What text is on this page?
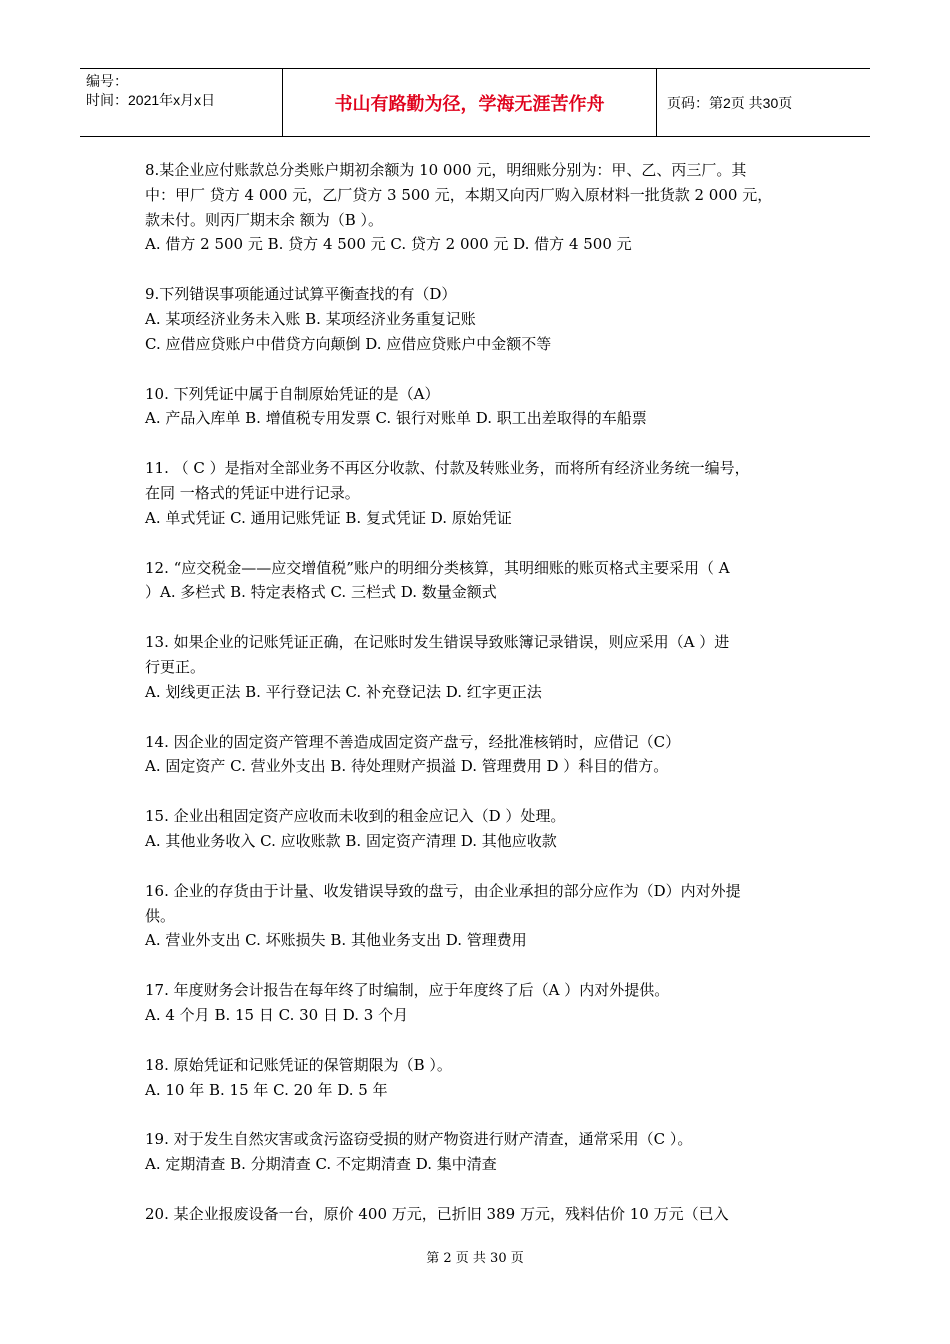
编号：
时间：2021年x月x日	书山有路勤为径，学海无涯苦作舟	页码：第2页 共30页
8.某企业应付账款总分类账户期初余额为 10 000 元，明细账分别为：甲、乙、丙三厂。其
中：甲厂 贷方 4 000 元，乙厂贷方 3 500 元，本期又向丙厂购入原材料一批货款 2 000 元，
款未付。则丙厂期末余 额为（B ）。
A. 借方 2 500 元 B. 贷方 4 500 元 C. 贷方 2 000 元 D. 借方 4 500 元
9.下列错误事项能通过试算平衡查找的有（D）
A. 某项经济业务未入账 B. 某项经济业务重复记账
C. 应借应贷账户中借贷方向颠倒 D. 应借应贷账户中金额不等
10. 下列凭证中属于自制原始凭证的是（A）
A. 产品入库单 B. 增值税专用发票 C. 银行对账单 D. 职工出差取得的车船票
11. （ C ）是指对全部业务不再区分收款、付款及转账业务，而将所有经济业务统一编号，
在同 一格式的凭证中进行记录。
A. 单式凭证 C. 通用记账凭证 B. 复式凭证 D. 原始凭证
12. “应交税金——应交增值税”账户的明细分类核算，其明细账的账页格式主要采用（ A
）A. 多栏式 B. 特定表格式 C. 三栏式 D. 数量金额式
13. 如果企业的记账凭证正确，在记账时发生错误导致账簿记录错误，则应采用（A ）进
行更正。
A. 划线更正法 B. 平行登记法 C. 补充登记法 D. 红字更正法
14. 因企业的固定资产管理不善造成固定资产盘亏，经批准核销时，应借记（C）
A. 固定资产 C. 营业外支出 B. 待处理财产损溢 D. 管理费用 D ）科目的借方。
15. 企业出租固定资产应收而未收到的租金应记入（D ）处理。
A. 其他业务收入 C. 应收账款 B. 固定资产清理 D. 其他应收款
16. 企业的存货由于计量、收发错误导致的盘亏，由企业承担的部分应作为（D）内对外提
供。
A. 营业外支出 C. 坏账损失 B. 其他业务支出 D. 管理费用
17. 年度财务会计报告在每年终了时编制，应于年度终了后（A ）内对外提供。
A. 4 个月 B. 15 日 C. 30 日 D. 3 个月
18. 原始凭证和记账凭证的保管期限为（B ）。
A. 10 年 B. 15 年 C. 20 年 D. 5 年
19. 对于发生自然灾害或贪污盗窃受损的财产物资进行财产清查，通常采用（C ）。
A. 定期清查 B. 分期清查 C. 不定期清查 D. 集中清查
20. 某企业报废设备一台，原价 400 万元，已折旧 389 万元，残料估价 10 万元（已入
第 2 页 共 30 页
